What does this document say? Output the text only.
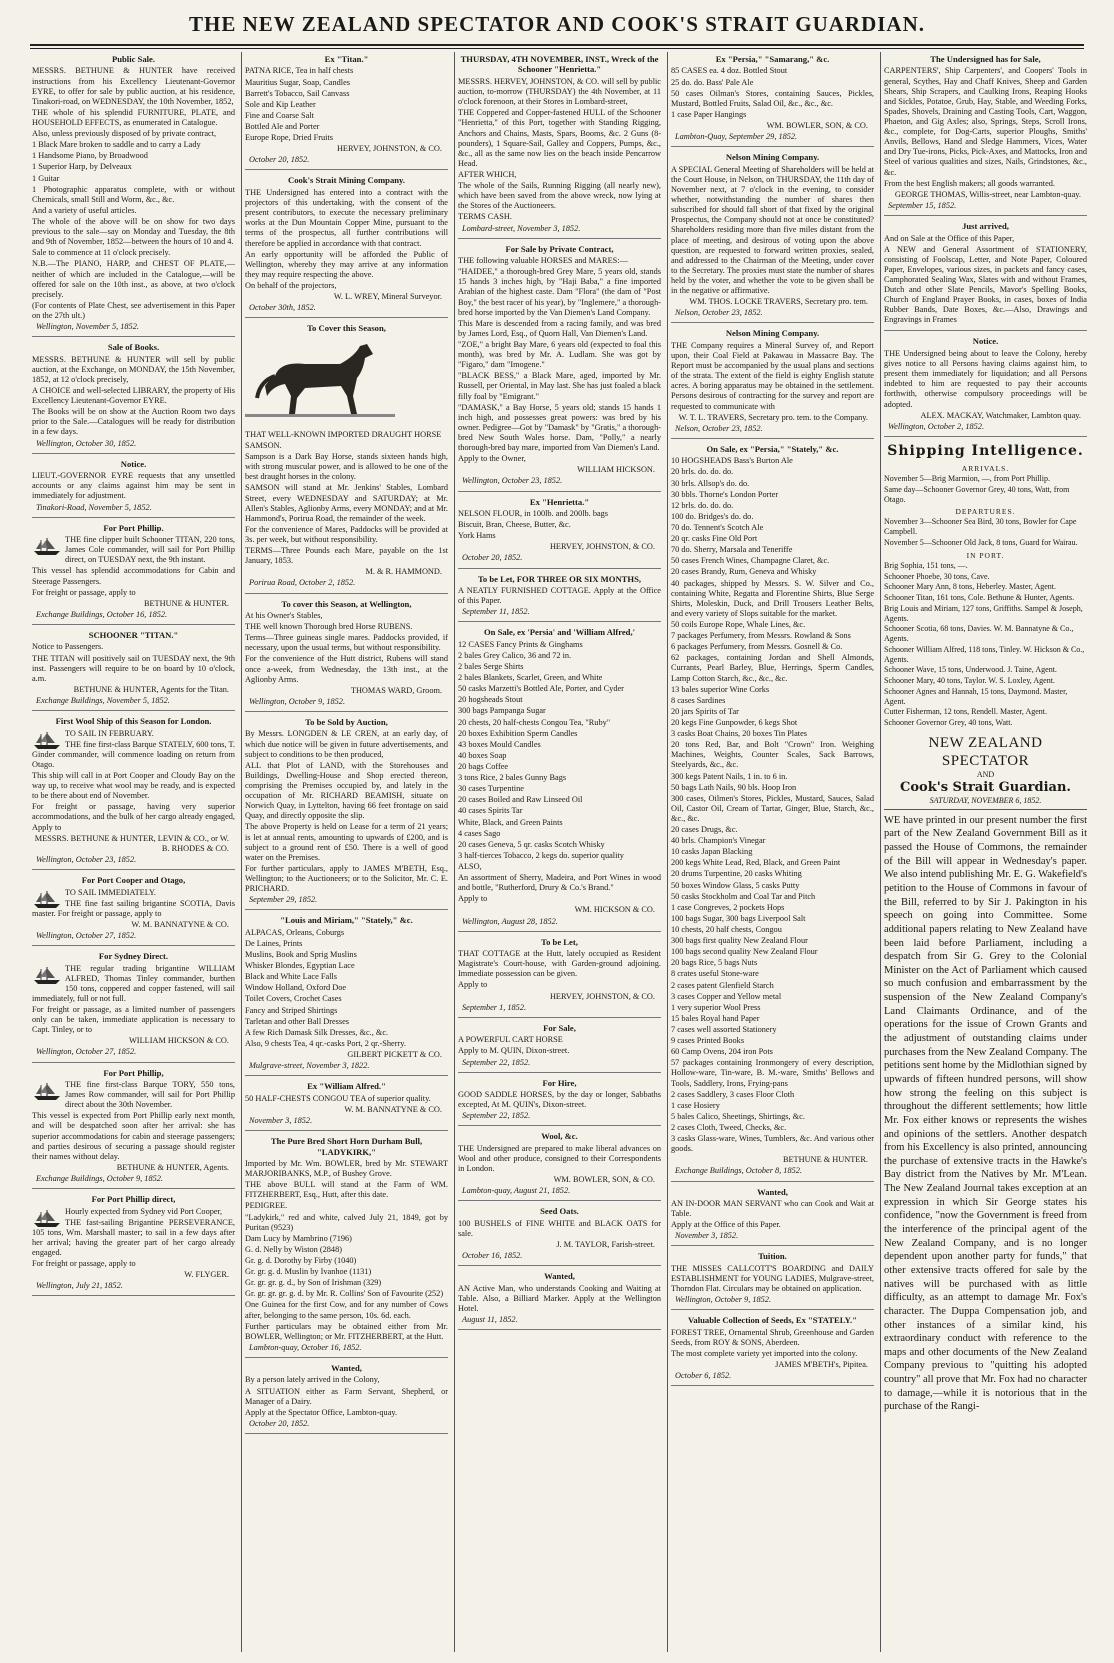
THE NEW ZEALAND SPECTATOR AND COOK'S STRAIT GUARDIAN.
Public Sale.
MESSRS. BETHUNE & HUNTER have received instructions from his Excellency Lieutenant-Governor EYRE, to offer for sale by public auction, at his residence, Tinakori-road, on WEDNESDAY, the 10th November, 1852,
THE whole of his splendid FURNITURE, PLATE, and HOUSEHOLD EFFECTS, as enumerated in Catalogue.
Also, unless previously disposed of by private contract,
1 Black Mare broken to saddle and to carry a Lady
1 Handsome Piano, by Broadwood
1 Superior Harp, by Delveaux
1 Guitar
1 Photographic apparatus complete, with or without Chemicals, small Still and Worm, &c., &c.
And a variety of useful articles.
The whole of the above will be on show for two days previous to the sale—say on Monday and Tuesday, the 8th and 9th of November, 1852—between the hours of 10 and 4.
Sale to commence at 11 o'clock precisely.
N.B.—The PIANO, HARP, and CHEST OF PLATE,—neither of which are included in the Catalogue,—will be offered for sale on the 10th inst., as above, at two o'clock precisely.
(For contents of Plate Chest, see advertisement in this Paper on the 27th ult.)
Wellington, November 5, 1852.
Sale of Books.
MESSRS. BETHUNE & HUNTER will sell by public auction, at the Exchange, on MONDAY, the 15th November, 1852, at 12 o'clock precisely,
A CHOICE and well-selected LIBRARY, the property of His Excellency Lieutenant-Governor EYRE.
The Books will be on show at the Auction Room two days prior to the Sale.—Catalogues will be ready for distribution in a few days.
Wellington, October 30, 1852.
Notice.
LIEUT.-GOVERNOR EYRE requests that any unsettled accounts or any claims against him may be sent in immediately for adjustment.
Tinakori-Road, November 5, 1852.
For Port Phillip.
THE fine clipper built Schooner TITAN, 220 tons, James Cole commander, will sail for Port Phillip direct, on TUESDAY next, the 9th instant.
This vessel has splendid accommodations for Cabin and Steerage Passengers.
For freight or passage, apply to
BETHUNE & HUNTER.
Exchange Buildings, October 16, 1852.
SCHOONER "TITAN."
Notice to Passengers.
THE TITAN will positively sail on TUESDAY next, the 9th inst. Passengers will require to be on board by 10 o'clock, a.m.
BETHUNE & HUNTER, Agents for the Titan.
Exchange Buildings, November 5, 1852.
First Wool Ship of this Season for London.
TO SAIL IN FEBRUARY.
THE fine first-class Barque STATELY, 600 tons, T. Ginder commander, will commence loading on return from Otago.
This ship will call in at Port Cooper and Cloudy Bay on the way up, to receive what wool may be ready, and is expected to be there about end of November.
For freight or passage, having very superior accommodations, and the bulk of her cargo already engaged, Apply to
MESSRS. BETHUNE & HUNTER, LEVIN & CO., or W. B. RHODES & CO.
Wellington, October 23, 1852.
For Port Cooper and Otago,
TO SAIL IMMEDIATELY.
THE fine fast sailing brigantine SCOTIA, Davis master. For freight or passage, apply to
W. M. BANNATYNE & CO.
Wellington, October 27, 1852.
For Sydney Direct.
THE regular trading brigantine WILLIAM ALFRED, Thomas Tinley commander, burthen 150 tons, coppered and copper fastened, will sail immediately, full or not full.
For freight or passage, as a limited number of passengers only can be taken, immediate application is necessary to Capt. Tinley, or to
WILLIAM HICKSON & CO.
Wellington, October 27, 1852.
For Port Phillip,
THE fine first-class Barque TORY, 550 tons, James Row commander, will sail for Port Phillip direct about the 30th November.
This vessel is expected from Port Phillip early next month, and will be despatched soon after her arrival: she has superior accommodations for cabin and steerage passengers; and parties desirous of securing a passage should register their names without delay.
BETHUNE & HUNTER, Agents.
Exchange Buildings, October 9, 1852.
For Port Phillip direct,
Hourly expected from Sydney vid Port Cooper,
THE fast-sailing Brigantine PERSEVERANCE, 105 tons, Wm. Marshall master; to sail in a few days after her arrival; having the greater part of her cargo already engaged.
For freight or passage, apply to
W. FLYGER.
Wellington, July 21, 1852.
Ex "Titan."
PATNA RICE, Tea in half chests
Mauritius Sugar, Soap, Candles
Barrett's Tobacco, Sail Canvass
Sole and Kip Leather
Fine and Coarse Salt
Bottled Ale and Porter
Europe Rope, Dried Fruits
HERVEY, JOHNSTON, & CO.
October 20, 1852.
Cook's Strait Mining Company.
THE Undersigned has entered into a contract with the projectors of this undertaking, with the consent of the present contributors, to execute the necessary preliminary works at the Dun Mountain Copper Mine, pursuant to the terms of the prospectus, all further contributions will therefore be applied in accordance with that contract.
An early opportunity will be afforded the Public of Wellington, whereby they may arrive at any information they may require respecting the above.
On behalf of the projectors,
W. L. WREY, Mineral Surveyor.
October 30th, 1852.
To Cover this Season,
THAT WELL-KNOWN IMPORTED DRAUGHT HORSE
SAMSON.
Sampson is a Dark Bay Horse, stands sixteen hands high, with strong muscular power, and is allowed to be one of the best draught horses in the colony.
SAMSON will stand at Mr. Jenkins' Stables, Lombard Street, every WEDNESDAY and SATURDAY; at Mr. Allen's Stables, Aglionby Arms, every MONDAY; and at Mr. Hammond's, Porirua Road, the remainder of the week.
For the convenience of Mares, Paddocks will be provided at 3s. per week, but without responsibility.
TERMS—Three Pounds each Mare, payable on the 1st January, 1853.
M. & R. HAMMOND.
Porirua Road, October 2, 1852.
To cover this Season, at Wellington,
At his Owner's Stables,
THE well known Thorough bred Horse RUBENS.
Terms—Three guineas single mares. Paddocks provided, if necessary, upon the usual terms, but without responsibility.
For the convenience of the Hutt district, Rubens will stand once a-week, from Wednesday, the 13th inst., at the Aglionby Arms.
THOMAS WARD, Groom.
Wellington, October 9, 1852.
To be Sold by Auction,
By Messrs. LONGDEN & LE CREN, at an early day, of which due notice will be given in future advertisements, and subject to conditions to be then produced,
ALL that Plot of LAND, with the Storehouses and Buildings, Dwelling-House and Shop erected thereon, comprising the Premises occupied by, and lately in the occupation of Mr. RICHARD BEAMISH, situate on Norwich Quay, in Lyttelton, having 66 feet frontage on said Quay, and directly opposite the slip.
The above Property is held on Lease for a term of 21 years; is let at annual rents, amounting to upwards of £200, and is subject to a ground rent of £50. There is a well of good water on the Premises.
For further particulars, apply to JAMES M'BETH, Esq., Wellington; to the Auctioneers; or to the Solicitor, Mr. C. E. PRICHARD.
September 29, 1852.
"Louis and Miriam," "Stately," &c.
ALPACAS, Orleans, Coburgs
De Laines, Prints
Muslins, Book and Sprig Muslins
Whisker Blondes, Egyptian Lace
Black and White Lace Falls
Window Holland, Oxford Doe
Toilet Covers, Crochet Cases
Fancy and Striped Shirtings
Tarletan and other Ball Dresses
A few Rich Damask Silk Dresses, &c., &c.
Also, 9 chests Tea, 4 qr.-casks Port, 2 qr.-Sherry.
GILBERT PICKETT & CO.
Mulgrave-street, November 3, 1822.
Ex "William Alfred."
50 HALF-CHESTS CONGOU TEA of superior quality.
W. M. BANNATYNE & CO.
November 3, 1852.
The Pure Bred Short Horn Durham Bull, "LADYKIRK,"
Imported by Mr. Wm. BOWLER, bred by Mr. STEWART MARJORIBANKS, M.P., of Bushey Grove.
THE above BULL will stand at the Farm of WM. FITZHERBERT, Esq., Hutt, after this date.
PEDIGREE.
"Ladykirk," red and white, calved July 21, 1849, got by Puritan (9523)
Dam Lucy by Mambrino (7196)
G. d. Nelly by Wiston (2848)
Gr. g. d. Dorothy by Firby (1040)
Gr. gr. g. d. Muslin by Ivanhoe (1131)
Gr. gr. gr. g. d., by Son of Irishman (329)
Gr. gr. gr. gr. g. d. by Mr. R. Collins' Son of Favourite (252)
One Guinea for the first Cow, and for any number of Cows after, belonging to the same person, 10s. 6d. each.
Further particulars may be obtained either from Mr. BOWLER, Wellington; or Mr. FITZHERBERT, at the Hutt.
Lambton-quay, October 16, 1852.
Wanted,
By a person lately arrived in the Colony,
A SITUATION either as Farm Servant, Shepherd, or Manager of a Dairy.
Apply at the Spectator Office, Lambton-quay.
October 20, 1852.
THURSDAY, 4TH NOVEMBER, INST., Wreck of the Schooner "Henrietta."
MESSRS. HERVEY, JOHNSTON, & CO. will sell by public auction, to-morrow (THURSDAY) the 4th November, at 11 o'clock forenoon, at their Stores in Lombard-street,
THE Coppered and Copper-fastened HULL of the Schooner "Henrietta," of this Port, together with Standing Rigging, Anchors and Chains, Masts, Spars, Booms, &c. 2 Guns (8-pounders), 1 Square-Sail, Galley and Coppers, Pumps, &c., &c., all as the same now lies on the beach inside Pencarrow Head.
AFTER WHICH,
The whole of the Sails, Running Rigging (all nearly new), which have been saved from the above wreck, now lying at the Stores of the Auctioneers.
TERMS CASH.
Lombard-street, November 3, 1852.
For Sale by Private Contract,
THE following valuable HORSES and MARES:—
"HAIDEE," a thorough-bred Grey Mare, 5 years old, stands 15 hands 3 inches high, by "Haji Baba," a fine imported Arabian of the highest caste. Dam "Flora" (the dam of "Post Boy," the best racer of his year), by "Inglemere," a thorough-bred horse imported by the Van Diemen's Land Company.
This Mare is descended from a racing family, and was bred by James Lord, Esq., of Quorn Hall, Van Diemen's Land.
"ZOE," a bright Bay Mare, 6 years old (expected to foal this month), was bred by Mr. A. Ludlam. She was got by "Figaro," dam "Imogene."
"BLACK BESS," a Black Mare, aged, imported by Mr. Russell, per Oriental, in May last. She has just foaled a black filly foal by "Emigrant."
"DAMASK," a Bay Horse, 5 years old; stands 15 hands 1 inch high, and possesses great powers: was bred by his owner. Pedigree—Got by "Damask" by "Gratis," a thorough-bred New South Wales horse. Dam, "Polly," a nearly thorough-bred bay mare, imported from Van Diemen's Land.
Apply to the Owner,
WILLIAM HICKSON.
Wellington, October 23, 1852.
Ex "Henrietta."
NELSON FLOUR, in 100lb. and 200lb. bags
Biscuit, Bran, Cheese, Butter, &c.
York Hams
HERVEY, JOHNSTON, & CO.
October 20, 1852.
To be Let, FOR THREE OR SIX MONTHS,
A NEATLY FURNISHED COTTAGE. Apply at the Office of this Paper.
September 11, 1852.
On Sale, ex 'Persia' and 'William Alfred,'
12 CASES Fancy Prints & Ginghams
2 bales Grey Calico, 36 and 72 in.
2 bales Serge Shirts
2 bales Blankets, Scarlet, Green, and White
50 casks Marzetti's Bottled Ale, Porter, and Cyder
20 hogsheads Stout
300 bags Pampanga Sugar
20 chests, 20 half-chests Congou Tea, "Ruby"
20 boxes Exhibition Sperm Candles
43 boxes Mould Candles
40 boxes Soap
20 bags Coffee
3 tons Rice, 2 bales Gunny Bags
30 cases Turpentine
20 cases Boiled and Raw Linseed Oil
40 cases Spirits Tar
White, Black, and Green Paints
4 cases Sago
20 cases Geneva, 5 qr. casks Scotch Whisky
3 half-tierces Tobacco, 2 kegs do. superior quality
ALSO,
An assortment of Sherry, Madeira, and Port Wines in wood and bottle, "Rutherford, Drury & Co.'s Brand."
Apply to
WM. HICKSON & CO.
Wellington, August 28, 1852.
To be Let,
THAT COTTAGE at the Hutt, lately occupied as Resident Magistrate's Court-house, with Garden-ground adjoining. Immediate possession can be given.
Apply to
HERVEY, JOHNSTON, & CO.
September 1, 1852.
For Sale,
A POWERFUL CART HORSE
Apply to M. QUIN, Dixon-street.
September 22, 1852.
For Hire,
GOOD SADDLE HORSES, by the day or longer, Sabbaths excepted, At M. QUIN's, Dixon-street.
September 22, 1852.
Wool, &c.
THE Undersigned are prepared to make liberal advances on Wool and other produce, consigned to their Correspondents in London.
WM. BOWLER, SON, & CO.
Lambton-quay, August 21, 1852.
Seed Oats.
100 BUSHELS of FINE WHITE and BLACK OATS for sale.
J. M. TAYLOR, Farish-street.
October 16, 1852.
Wanted,
AN Active Man, who understands Cooking and Waiting at Table. Also, a Billiard Marker. Apply at the Wellington Hotel.
August 11, 1852.
Ex "Persia," "Samarang," &c.
85 CASES ea. 4 doz. Bottled Stout
25 do. do. Bass' Pale Ale
50 cases Oilman's Stores, containing Sauces, Pickles, Mustard, Bottled Fruits, Salad Oil, &c., &c., &c.
1 case Paper Hangings
WM. BOWLER, SON, & CO.
Lambton-Quay, September 29, 1852.
Nelson Mining Company.
A SPECIAL General Meeting of Shareholders will be held at the Court House, in Nelson, on THURSDAY, the 11th day of November next, at 7 o'clock in the evening, to consider whether, notwithstanding the number of shares then subscribed for should fall short of that fixed by the original Prospectus, the Company should not at once be constituted? Shareholders residing more than five miles distant from the place of meeting, and desirous of voting upon the above question, are requested to forward written proxies, sealed, and addressed to the Chairman of the Meeting, under cover to the Secretary. The proxies must state the number of shares held by the voter, and whether the vote to be given shall be in the negative or affirmative.
WM. THOS. LOCKE TRAVERS, Secretary pro. tem.
Nelson, October 23, 1852.
Nelson Mining Company.
THE Company requires a Mineral Survey of, and Report upon, their Coal Field at Pakawau in Massacre Bay. The Report must be accompanied by the usual plans and sections of the strata. The extent of the field is eighty English statute acres. A boring apparatus may be obtained in the settlement. Persons desirous of contracting for the survey and report are requested to communicate with
W. T. L. TRAVERS, Secretary pro. tem. to the Company.
Nelson, October 23, 1852.
On Sale, ex "Persia," "Stately," &c.
10 HOGSHEADS Bass's Burton Ale
20 brls. do. do. do.
30 brls. Allsop's do. do.
30 bbls. Thorne's London Porter
12 brls. do. do. do.
100 do. Bridges's do. do.
70 do. Tennent's Scotch Ale
20 qr. casks Fine Old Port
70 do. Sherry, Marsala and Teneriffe
50 cases French Wines, Champagne Claret, &c.
20 cases Brandy, Rum, Geneva and Whisky
40 packages, shipped by Messrs. S. W. Silver and Co., containing White, Regatta and Florentine Shirts, Blue Serge Shirts, Moleskin, Duck, and Drill Trousers Leather Belts, and every variety of Slops suitable for the market.
50 coils Europe Rope, Whale Lines, &c.
7 packages Perfumery, from Messrs. Rowland & Sons
6 packages Perfumery, from Messrs. Gosnell & Co.
62 packages, containing Jordan and Shell Almonds, Currants, Pearl Barley, Blue, Herrings, Sperm Candles, Lamp Cotton Starch, &c., &c., &c.
13 bales superior Wine Corks
8 cases Sardines
20 jars Spirits of Tar
20 kegs Fine Gunpowder, 6 kegs Shot
3 casks Boat Chains, 20 boxes Tin Plates
20 tons Red, Bar, and Bolt "Crown" Iron. Weighing Machines, Weights, Counter Scales, Sack Barrows, Steelyards, &c., &c.
300 kegs Patent Nails, 1 in. to 6 in.
50 bags Lath Nails, 90 bls. Hoop Iron
300 cases, Oilmen's Stores, Pickles, Mustard, Sauces, Salad Oil, Castor Oil, Cream of Tartar, Ginger, Blue, Starch, &c., &c., &c.
20 cases Drugs, &c.
40 brls. Champion's Vinegar
10 casks Japan Blacking
200 kegs White Lead, Red, Black, and Green Paint
20 drums Turpentine, 20 casks Whiting
50 boxes Window Glass, 5 casks Putty
50 casks Stockholm and Coal Tar and Pitch
1 case Congreves, 2 pockets Hops
100 bags Sugar, 300 bags Liverpool Salt
10 chests, 20 half chests, Congou
300 bags first quality New Zealand Flour
100 bags second quality New Zealand Flour
20 bags Rice, 5 bags Nuts
8 crates useful Stone-ware
2 cases patent Glenfield Starch
3 cases Copper and Yellow metal
1 very superior Wool Press
15 bales Royal hand Paper
7 cases well assorted Stationery
9 cases Printed Books
60 Camp Ovens, 204 iron Pots
57 packages containing Ironmongery of every description, Hollow-ware, Tin-ware, B. M.-ware, Smiths' Bellows and Tools, Saddlery, Irons, Frying-pans
2 cases Saddlery, 3 cases Floor Cloth
1 case Hosiery
5 bales Calico, Sheetings, Shirtings, &c.
2 cases Cloth, Tweed, Checks, &c.
3 casks Glass-ware, Wines, Tumblers, &c. And various other goods.
BETHUNE & HUNTER.
Exchange Buildings, October 8, 1852.
Wanted,
AN IN-DOOR MAN SERVANT who can Cook and Wait at Table.
Apply at the Office of this Paper.
November 3, 1852.
Tuition.
THE MISSES CALLCOTT'S BOARDING and DAILY ESTABLISHMENT for YOUNG LADIES, Mulgrave-street, Thorndon Flat. Circulars may be obtained on application.
Wellington, October 9, 1852.
Valuable Collection of Seeds, Ex "STATELY."
FOREST TREE, Ornamental Shrub, Greenhouse and Garden Seeds, from ROY & SONS, Aberdeen.
The most complete variety yet imported into the colony.
JAMES M'BETH's, Pipitea.
October 6, 1852.
The Undersigned has for Sale,
CARPENTERS', Ship Carpenters', and Coopers' Tools in general, Scythes, Hay and Chaff Knives, Sheep and Garden Shears, Ship Scrapers, and Caulking Irons, Reaping Hooks and Sickles, Potatoe, Grub, Hay, Stable, and Weeding Forks, Spades, Shovels, Draining and Casting Tools, Cart, Waggon, Phaeton, and Gig Axles; also, Springs, Steps, Scroll Irons, &c., complete, for Dog-Carts, superior Ploughs, Smiths' Anvils, Bellows, Hand and Sledge Hammers, Vices, Water and Dry Tue-irons, Picks, Pick-Axes, and Mattocks, Iron and Steel of various qualities and sizes, Nails, Grindstones, &c., &c.
From the best English makers; all goods warranted.
GEORGE THOMAS, Willis-street, near Lambton-quay.
September 15, 1852.
Just arrived,
And on Sale at the Office of this Paper,
A NEW and General Assortment of STATIONERY, consisting of Foolscap, Letter, and Note Paper, Coloured Paper, Envelopes, various sizes, in packets and fancy cases, Camphorated Sealing Wax, Slates with and without Frames, Dutch and other Slate Pencils, Mavor's Spelling Books, Church of England Prayer Books, in cases, boxes of India Rubber Bands, Date Boxes, &c.—Also, Drawings and Engravings in Frames
Notice.
THE Undersigned being about to leave the Colony, hereby gives notice to all Persons having claims against him, to present them immediately for liquidation; and all Persons indebted to him are requested to pay their accounts forthwith, otherwise compulsory proceedings will be adopted.
ALEX. MACKAY, Watchmaker, Lambton quay.
Wellington, October 2, 1852.
Shipping Intelligence.
ARRIVALS.
November 5—Brig Marmion, —, from Port Phillip.
Same day—Schooner Governor Grey, 40 tons, Watt, from Otago.
DEPARTURES.
November 3—Schooner Sea Bird, 30 tons, Bowler for Cape Campbell.
November 5—Schooner Old Jack, 8 tons, Guard for Wairau.
IN PORT.
Brig Sophia, 151 tons, —.
Schooner Phoebe, 30 tons, Cave.
Schooner Mary Ann, 8 tons, Heberley. Master, Agent.
Schooner Titan, 161 tons, Cole. Bethune & Hunter, Agents.
Brig Louis and Miriam, 127 tons, Griffiths. Sampel & Joseph, Agents.
Schooner Scotia, 68 tons, Davies. W. M. Bannatyne & Co., Agents.
Schooner William Alfred, 118 tons, Tinley. W. Hickson & Co., Agents.
Schooner Wave, 15 tons, Underwood. J. Taine, Agent.
Schooner Mary, 40 tons, Taylor. W. S. Loxley, Agent.
Schooner Agnes and Hannah, 15 tons, Daymond. Master, Agent.
Cutter Fisherman, 12 tons, Rendell. Master, Agent.
Schooner Governor Grey, 40 tons, Watt.
NEW ZEALAND SPECTATOR
AND
Cook's Strait Guardian.
SATURDAY, NOVEMBER 6, 1852.
WE have printed in our present number the first part of the New Zealand Government Bill as it passed the House of Commons, the remainder of the Bill will appear in Wednesday's paper. We also intend publishing Mr. E. G. Wakefield's petition to the House of Commons in favour of the Bill, referred to by Sir J. Pakington in his speech on going into Committee. Some additional papers relating to New Zealand have been laid before Parliament, including a despatch from Sir G. Grey to the Colonial Minister on the Act of Parliament which caused so much confusion and embarrassment by the suspension of the New Zealand Company's Land Claimants Ordinance, and of the operations for the issue of Crown Grants and the adjustment of outstanding claims under purchases from the New Zealand Company. The petitions sent home by the Midlothian signed by upwards of fifteen hundred persons, will show how strong the feeling on this subject is throughout the different settlements; how little Mr. Fox either knows or represents the wishes and opinions of the settlers. Another despatch from his Excellency is also printed, announcing the purchase of extensive tracts in the Hawke's Bay district from the Natives by Mr. M'Lean. The New Zealand Journal takes exception at an expression in which Sir George states his confidence, "now the Government is freed from the interference of the principal agent of the New Zealand Company, and is no longer dependent upon another party for funds," that other extensive tracts offered for sale by the natives will be purchased with as little difficulty, as an attempt to damage Mr. Fox's character. The Duppa Compensation job, and other instances of a similar kind, his extraordinary conduct with reference to the maps and other documents of the New Zealand Company previous to "quitting his adopted country" all prove that Mr. Fox had no character to damage,—while it is notorious that in the purchase of the Rangi-
